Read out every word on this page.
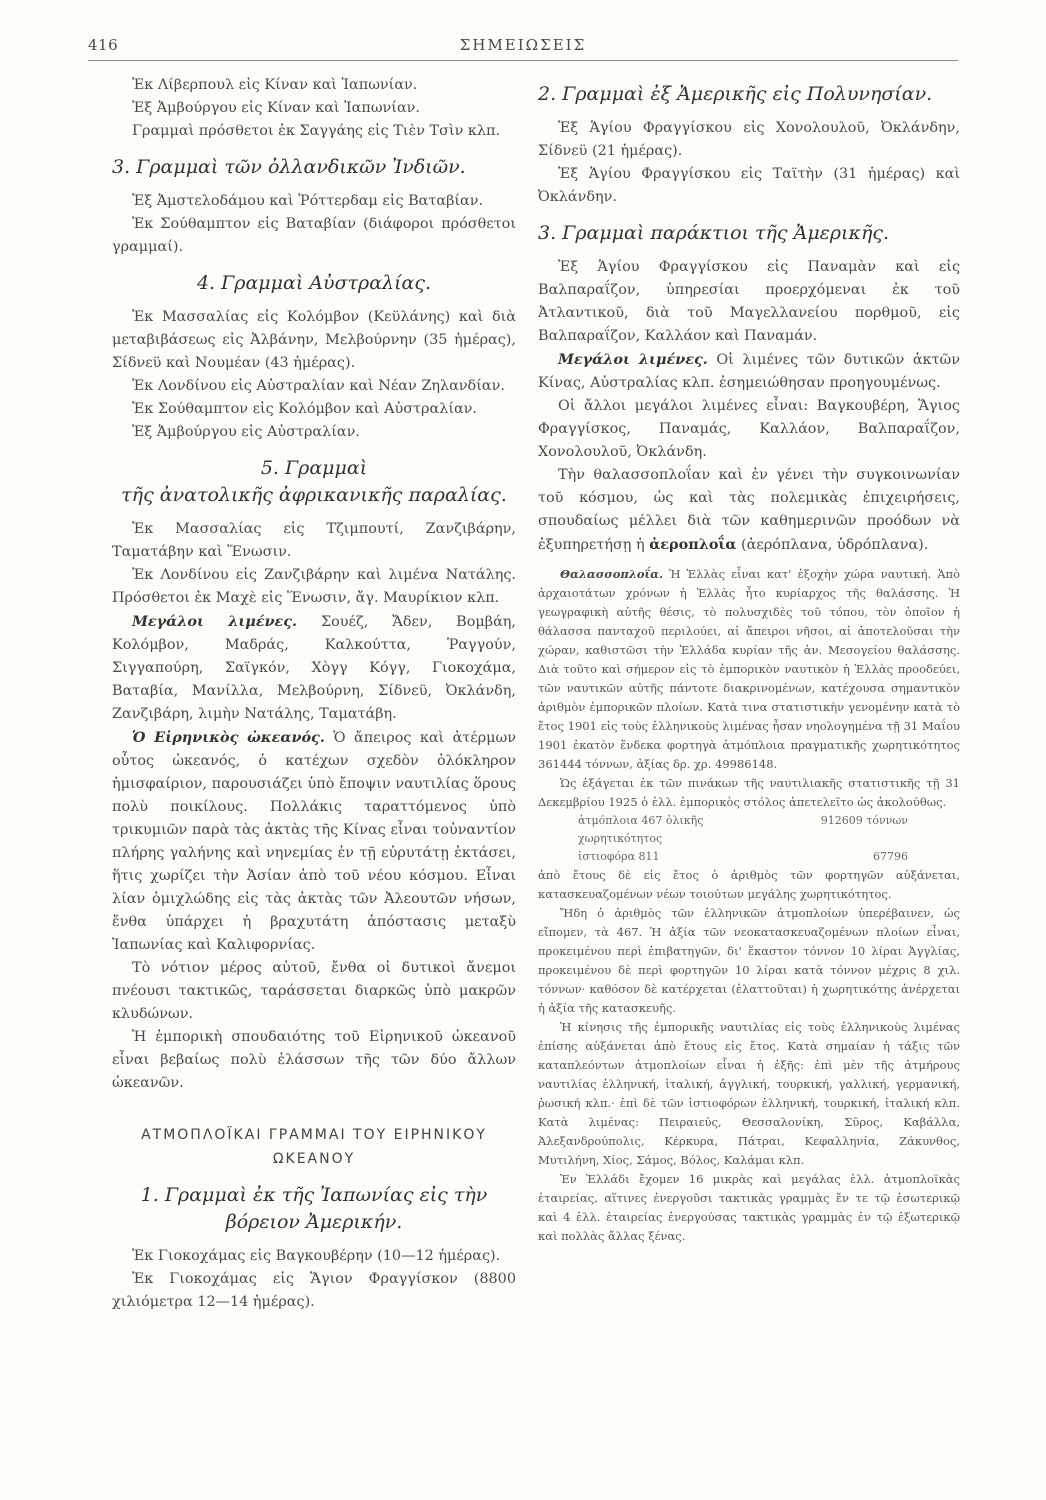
416	ΣΗΜΕΙΩΣΕΙΣ

Ἐκ Λίβερπουλ εἰς Κίναν καὶ Ἰαπωνίαν.

Ἐξ Ἀμβούργου εἰς Κίναν καὶ Ἰαπωνίαν.

Γραμμαὶ πρόσθετοι ἐκ Σαγγάης εἰς Τιὲν Τσὶν κλπ.

3. Γραμμαὶ τῶν ὀλλανδικῶν Ἰνδιῶν.

Ἐξ Ἀμστελοδάμου καὶ Ῥόττερδαμ εἰς Βαταβίαν.

Ἐκ Σούθαμπτον εἰς Βαταβίαν (διάφοροι πρόσθετοι γραμμαί).

4. Γραμμαὶ Αὐστραλίας.

Ἐκ Μασσαλίας εἰς Κολόμβον (Κεϋλάνης) καὶ διὰ μεταβιβάσεως εἰς Ἀλβάνην, Μελβούρνην (35 ἡμέρας), Σίδνεϋ καὶ Νουμέαν (43 ἡμέρας).

Ἐκ Λονδίνου εἰς Αὐστραλίαν καὶ Νέαν Ζηλανδίαν.

Ἐκ Σούθαμπτον εἰς Κολόμβον καὶ Αὐστραλίαν.

Ἐξ Ἀμβούργου εἰς Αὐστραλίαν.

5. Γραμμαὶ
τῆς ἀνατολικῆς ἀφρικανικῆς παραλίας.

Ἐκ Μασσαλίας εἰς Τζιμπουτί, Ζανζιβάρην, Ταματάβην καὶ Ἕνωσιν.

Ἐκ Λονδίνου εἰς Ζανζιβάρην καὶ λιμένα Νατάλης. Πρόσθετοι ἐκ Μαχὲ εἰς Ἕνωσιν, ἄγ. Μαυρίκιον κλπ.

Μεγάλοι λιμένες. Σουέζ, Ἄδεν, Βομβάη, Κολόμβον, Μαδράς, Καλκούττα, Ῥαγγούν, Σιγγαπούρη, Σαϊγκόν, Χὸγγ Κόγγ, Γιοκοχάμα, Βαταβία, Μανίλλα, Μελβούρνη, Σίδνεϋ, Ὀκλάνδη, Ζανζιβάρη, λιμὴν Νατάλης, Ταματάβη.

Ὁ Εἰρηνικὸς ὠκεανός. Ὁ ἄπειρος καὶ ἀτέρμων οὗτος ὠκεανός, ὁ κατέχων σχεδὸν ὁλόκληρον ἡμισφαίριον, παρουσιάζει ὑπὸ ἔποψιν ναυτιλίας ὅρους πολὺ ποικίλους. Πολλάκις ταραττόμενος ὑπὸ τρικυμιῶν παρὰ τὰς ἀκτὰς τῆς Κίνας εἶναι τοὐναντίον πλήρης γαλήνης καὶ νηνεμίας ἐν τῇ εὐρυτάτῃ ἐκτάσει, ἥτις χωρίζει τὴν Ἀσίαν ἀπὸ τοῦ νέου κόσμου. Εἶναι λίαν ὁμιχλώδης εἰς τὰς ἀκτὰς τῶν Ἀλεουτῶν νήσων, ἔνθα ὑπάρχει ἡ βραχυτάτη ἀπόστασις μεταξὺ Ἰαπωνίας καὶ Καλιφορνίας.

Τὸ νότιον μέρος αὐτοῦ, ἔνθα οἱ δυτικοὶ ἄνεμοι πνέουσι τακτικῶς, ταράσσεται διαρκῶς ὑπὸ μακρῶν κλυδώνων.

Ἡ ἐμπορικὴ σπουδαιότης τοῦ Εἰρηνικοῦ ὠκεανοῦ εἶναι βεβαίως πολὺ ἐλάσσων τῆς τῶν δύο ἄλλων ὠκεανῶν.

ΑΤΜΟΠΛΟΪΚΑΙ ΓΡΑΜΜΑΙ ΤΟΥ ΕΙΡΗΝΙΚΟΥ
ΩΚΕΑΝΟΥ
1. Γραμμαὶ ἐκ τῆς Ἰαπωνίας εἰς τὴν
βόρειον Ἀμερικήν.

Ἐκ Γιοκοχάμας εἰς Βαγκουβέρην (10—12 ἡμέρας).

Ἐκ Γιοκοχάμας εἰς Ἅγιον Φραγγίσκον (8800 χιλιόμετρα 12—14 ἡμέρας).

2. Γραμμαὶ ἐξ Ἀμερικῆς εἰς Πολυνησίαν.

Ἐξ Ἁγίου Φραγγίσκου εἰς Χονολουλοῦ, Ὀκλάνδην, Σίδνεϋ (21 ἡμέρας).

Ἐξ Ἁγίου Φραγγίσκου εἰς Ταϊτὴν (31 ἡμέρας) καὶ Ὀκλάνδην.

3. Γραμμαὶ παράκτιοι τῆς Ἀμερικῆς.

Ἐξ Ἁγίου Φραγγίσκου εἰς Παναμὰν καὶ εἰς Βαλπαραΐζον, ὑπηρεσίαι προερχόμεναι ἐκ τοῦ Ἀτλαντικοῦ, διὰ τοῦ Μαγελλανείου πορθμοῦ, εἰς Βαλπαραΐζον, Καλλάον καὶ Παναμάν.

Μεγάλοι λιμένες. Οἱ λιμένες τῶν δυτικῶν ἀκτῶν Κίνας, Αὐστραλίας κλπ. ἐσημειώθησαν προηγουμένως.

Οἱ ἄλλοι μεγάλοι λιμένες εἶναι: Βαγκουβέρη, Ἅγιος Φραγγίσκος, Παναμάς, Καλλάον, Βαλπαραΐζον, Χονολουλοῦ, Ὀκλάνδη.

Τὴν θαλασσοπλοΐαν καὶ ἐν γένει τὴν συγκοινωνίαν τοῦ κόσμου, ὡς καὶ τὰς πολεμικὰς ἐπιχειρήσεις, σπουδαίως μέλλει διὰ τῶν καθημερινῶν προόδων νὰ ἐξυπηρετήσῃ ἡ ἀεροπλοΐα (ἀερόπλανα, ὑδρόπλανα).

Θαλασσοπλοΐα. Ἡ Ἑλλὰς εἶναι κατ' ἐξοχὴν χώρα ναυτική. Ἀπὸ ἀρχαιοτάτων χρόνων ἡ Ἑλλὰς ἦτο κυρίαρχος τῆς θαλάσσης. Ἡ γεωγραφικὴ αὐτῆς θέσις, τὸ πολυσχιδὲς τοῦ τόπου, τὸν ὁποῖον ἡ θάλασσα πανταχοῦ περιλούει, αἱ ἄπειροι νῆσοι, αἱ ἀποτελοῦσαι τὴν χώραν, καθιστῶσι τὴν Ἑλλάδα κυρίαν τῆς ἁν. Μεσογείου θαλάσσης. Διὰ τοῦτο καὶ σήμερον εἰς τὸ ἐμπορικὸν ναυτικὸν ἡ Ἑλλὰς προοδεύει, τῶν ναυτικῶν αὐτῆς πάντοτε διακρινομένων, κατέχουσα σημαντικὸν ἀριθμὸν ἐμπορικῶν πλοίων. Κατὰ τινα στατιστικὴν γενομένην κατὰ τὸ ἔτος 1901 εἰς τοὺς ἑλληνικοὺς λιμένας ἦσαν νηολογημένα τῇ 31 Μαΐου 1901 ἐκατὸν ἕνδεκα φορτηγὰ ἀτμόπλοια πραγματικῆς χωρητικότητος 361444 τόννων, ἀξίας δρ. χρ. 49986148.

Ὡς ἐξάγεται ἐκ τῶν πινάκων τῆς ναυτιλιακῆς στατιστικῆς τῇ 31 Δεκεμβρίου 1925 ὁ ἑλλ. ἐμπορικὸς στόλος ἀπετελεῖτο ὡς ἀκολούθως.

ἀτμόπλοια 467 ὁλικῆς χωρητικότητος
912609 τόννων
ἱστιοφόρα 811	67796

ἀπὸ ἔτους δὲ εἰς ἔτος ὁ ἀριθμὸς τῶν φορτηγῶν αὐξάνεται, κατασκευαζομένων νέων τοιούτων μεγάλης χωρητικότητος.

Ἤδη ὁ ἀριθμὸς τῶν ἑλληνικῶν ἀτμοπλοίων ὑπερέβαινεν, ὡς εἴπομεν, τὰ 467. Ἡ ἀξία τῶν νεοκατασκευαζομένων πλοίων εἶναι, προκειμένου περὶ ἐπιβατηγῶν, δι' ἕκαστον τόννον 10 λίραι Ἀγγλίας, προκειμένου δὲ περὶ φορτηγῶν 10 λίραι κατὰ τόννον μέχρις 8 χιλ. τόννων· καθόσον δὲ κατέρχεται (ἐλαττοῦται) ἡ χωρητικότης ἀνέρχεται ἡ ἀξία τῆς κατασκευῆς.

Ἡ κίνησις τῆς ἐμπορικῆς ναυτιλίας εἰς τοὺς ἑλληνικοὺς λιμένας ἐπίσης αὐξάνεται ἀπὸ ἔτους εἰς ἔτος. Κατὰ σημαίαν ἡ τάξις τῶν καταπλεόντων ἀτμοπλοίων εἶναι ἡ ἑξῆς: ἐπὶ μὲν τῆς ἀτμήρους ναυτιλίας ἑλληνική, ἰταλική, ἀγγλική, τουρκική, γαλλική, γερμανική, ῥωσική κλπ.· ἐπὶ δὲ τῶν ἱστιοφόρων ἑλληνική, τουρκική, ἰταλική κλπ. Κατὰ λιμένας: Πειραιεύς, Θεσσαλονίκη, Σῦρος, Καβάλλα, Ἀλεξανδρούπολις, Κέρκυρα, Πάτραι, Κεφαλληνία, Ζάκυνθος, Μυτιλήνη, Χίος, Σάμος, Βόλος, Καλάμαι κλπ.

Ἐν Ἑλλάδι ἔχομεν 16 μικρὰς καὶ μεγάλας ἑλλ. ἀτμοπλοϊκὰς ἑταιρείας, αἵτινες ἐνεργοῦσι τακτικὰς γραμμὰς ἔν τε τῷ ἐσωτερικῷ καὶ 4 ἑλλ. ἑταιρείας ἐνεργούσας τακτικὰς γραμμὰς ἐν τῷ ἐξωτερικῷ καὶ πολλὰς ἄλλας ξένας.
